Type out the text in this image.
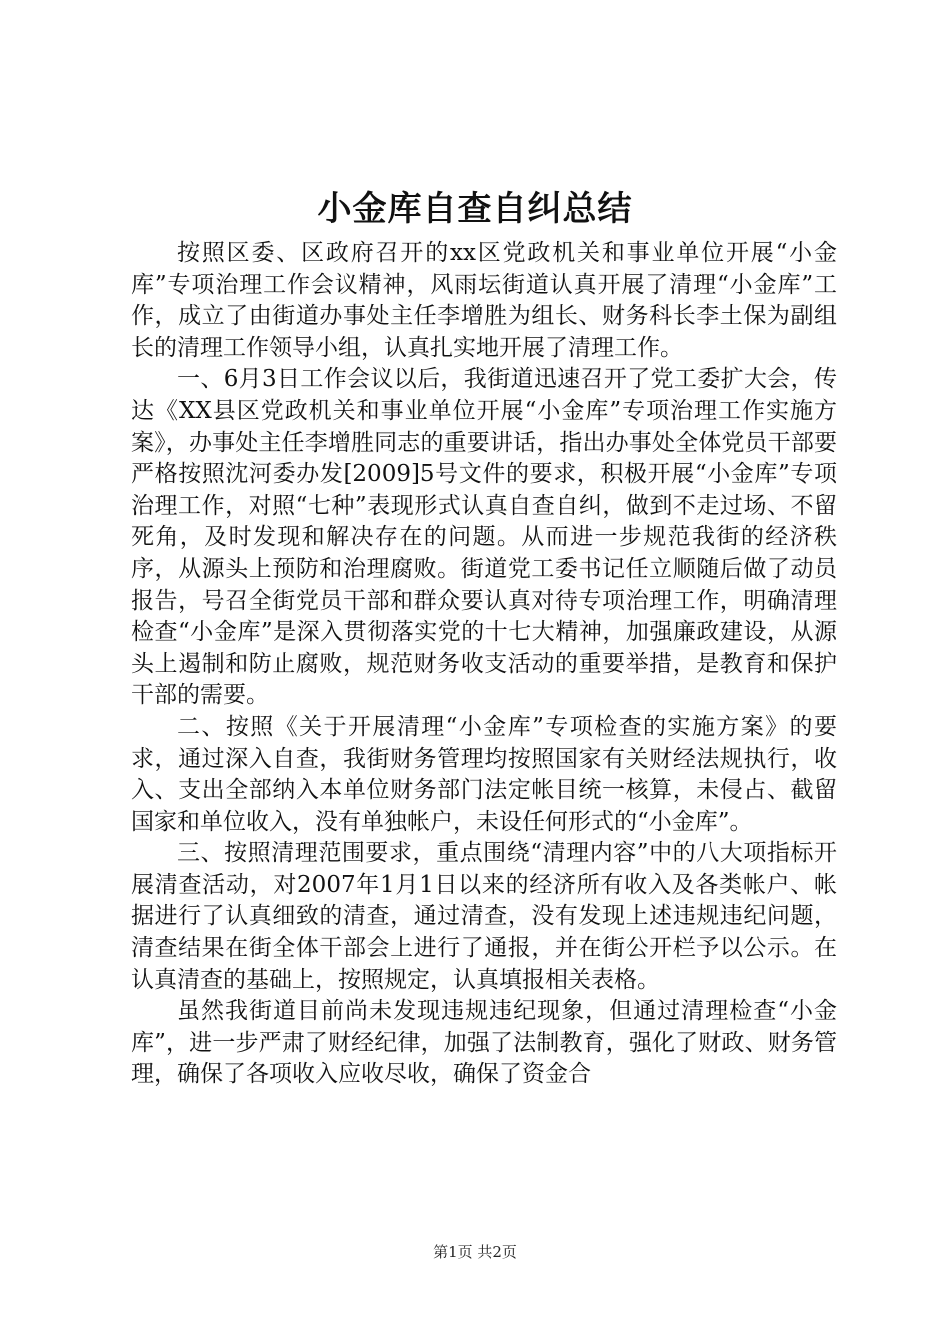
小金库自查自纠总结

按照区委、区政府召开的xx区党政机关和事业单位开展“小金库”专项治理工作会议精神，风雨坛街道认真开展了清理“小金库”工作，成立了由街道办事处主任李增胜为组长、财务科长李土保为副组长的清理工作领导小组，认真扎实地开展了清理工作。

一、6月3日工作会议以后，我街道迅速召开了党工委扩大会，传达《XX县区党政机关和事业单位开展“小金库”专项治理工作实施方案》，办事处主任李增胜同志的重要讲话，指出办事处全体党员干部要严格按照沈河委办发[2009]5号文件的要求，积极开展“小金库”专项治理工作，对照“七种”表现形式认真自查自纠，做到不走过场、不留死角，及时发现和解决存在的问题。从而进一步规范我街的经济秩序，从源头上预防和治理腐败。街道党工委书记任立顺随后做了动员报告，号召全街党员干部和群众要认真对待专项治理工作，明确清理检查“小金库”是深入贯彻落实党的十七大精神，加强廉政建设，从源头上遏制和防止腐败，规范财务收支活动的重要举措，是教育和保护干部的需要。

二、按照《关于开展清理“小金库”专项检查的实施方案》的要求，通过深入自查，我街财务管理均按照国家有关财经法规执行，收入、支出全部纳入本单位财务部门法定帐目统一核算，未侵占、截留国家和单位收入，没有单独帐户，未设任何形式的“小金库”。

三、按照清理范围要求，重点围绕“清理内容”中的八大项指标开展清查活动，对2007年1月1日以来的经济所有收入及各类帐户、帐据进行了认真细致的清查，通过清查，没有发现上述违规违纪问题，清查结果在街全体干部会上进行了通报，并在街公开栏予以公示。在认真清查的基础上，按照规定，认真填报相关表格。

虽然我街道目前尚未发现违规违纪现象，但通过清理检查“小金库”，进一步严肃了财经纪律，加强了法制教育，强化了财政、财务管理，确保了各项收入应收尽收，确保了资金合

第1页 共2页
